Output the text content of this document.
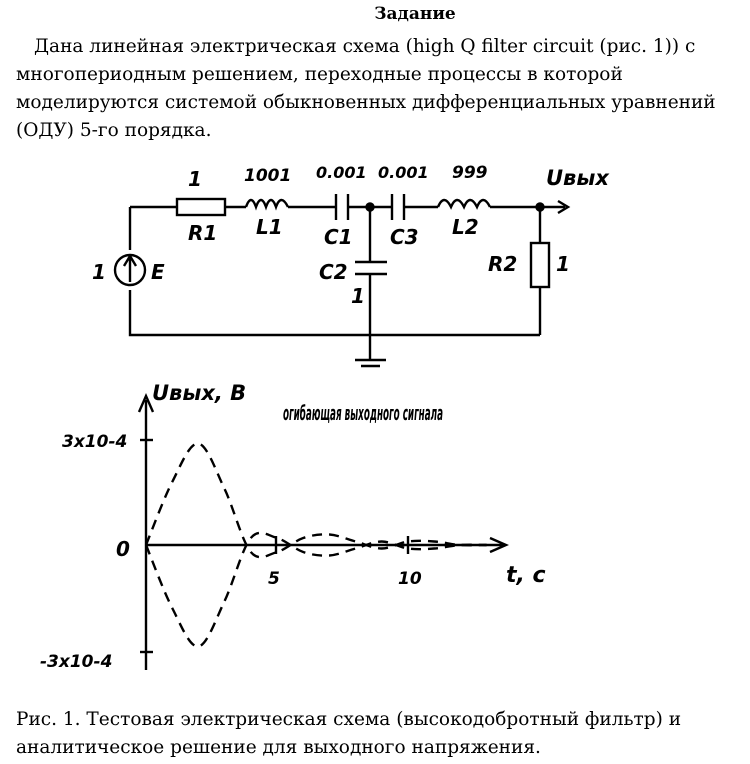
Задание
Дана линейная электрическая схема (high Q filter circuit (рис. 1)) с многопериодным решением, переходные процессы в которой моделируются системой обыкновенных дифференциальных уравнений (ОДУ) 5-го порядка.
1
R1
1001
L1
0.001
C1
0.001
C3
999
L2
C2
1
R2 1
1 E
Uвых
Uвых, В
огибающая выходного сигнала
3x10-4
0
-3x10-4
5	10	t, c
Рис. 1. Тестовая электрическая схема (высокодобротный фильтр) и аналитическое решение для выходного напряжения.
